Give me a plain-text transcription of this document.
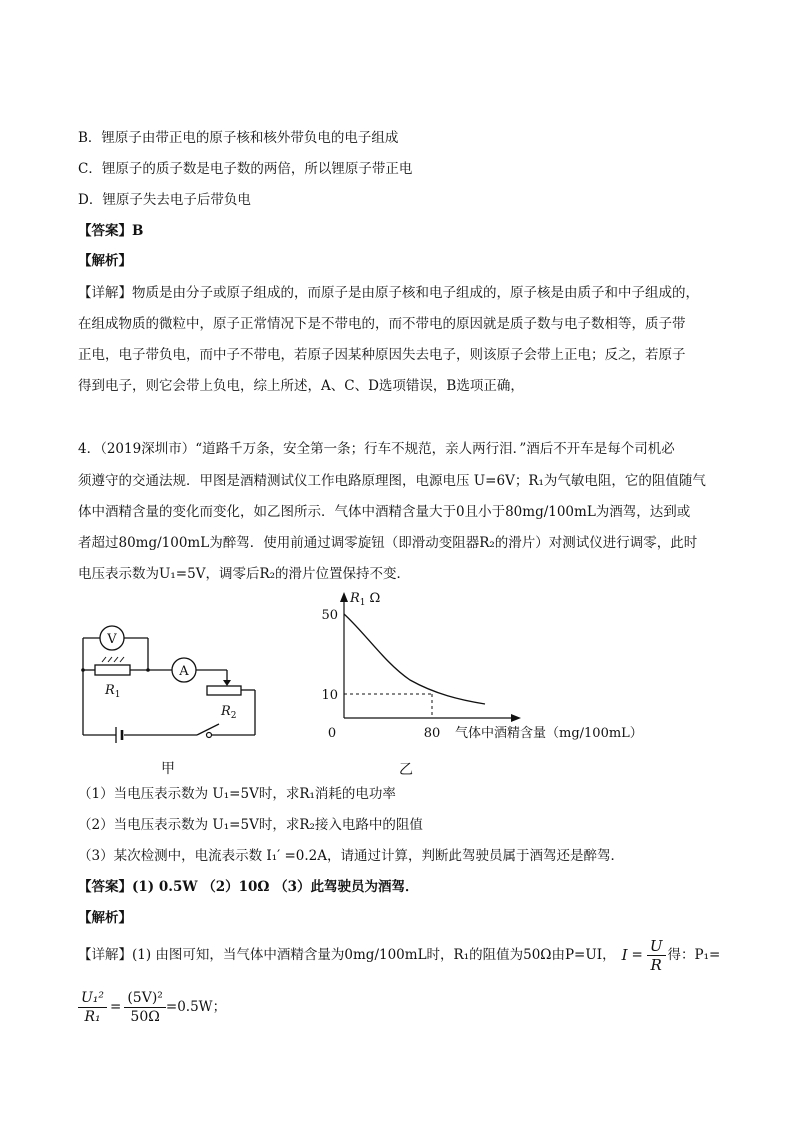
B．锂原子由带正电的原子核和核外带负电的电子组成
C．锂原子的质子数是电子数的两倍，所以锂原子带正电
D．锂原子失去电子后带负电
【答案】B
【解析】
【详解】物质是由分子或原子组成的，而原子是由原子核和电子组成的，原子核是由质子和中子组成的，
在组成物质的微粒中，原子正常情况下是不带电的，而不带电的原因就是质子数与电子数相等，质子带
正电，电子带负电，而中子不带电，若原子因某种原因失去电子，则该原子会带上正电；反之，若原子
得到电子，则它会带上负电，综上所述，A、C、D选项错误，B选项正确，
4．（2019深圳市）“道路千万条，安全第一条；行车不规范，亲人两行泪．”酒后不开车是每个司机必
须遵守的交通法规．甲图是酒精测试仪工作电路原理图，电源电压 U=6V；R₁为气敏电阻，它的阻值随气
体中酒精含量的变化而变化，如乙图所示．气体中酒精含量大于0且小于80mg/100mL为酒驾，达到或
者超过80mg/100mL为醉驾．使用前通过调零旋钮（即滑动变阻器R₂的滑片）对测试仪进行调零，此时
电压表示数为U₁=5V，调零后R₂的滑片位置保持不变．
V
A
$R_1$
$R_2$
甲
$R_1$ Ω
50
10
0	80 气体中酒精含量（mg/100mL）
乙
（1）当电压表示数为 U₁=5V时，求R₁消耗的电功率
（2）当电压表示数为 U₁=5V时，求R₂接入电路中的阻值
（3）某次检测中，电流表示数 I₁′ =0.2A，请通过计算，判断此驾驶员属于酒驾还是醉驾．
【答案】(1) 0.5W （2）10Ω （3）此驾驶员为酒驾．
【解析】
【详解】(1) 由图可知，当气体中酒精含量为0mg/100mL时，R₁的阻值为50Ω由P=UI， $I = \frac{U}{R}$ 得：P₁=
$\frac{\text{U₁²}}{\text{R₁}} = \frac{\text{(5V)²}}{50\Omega} =0.5W$；
